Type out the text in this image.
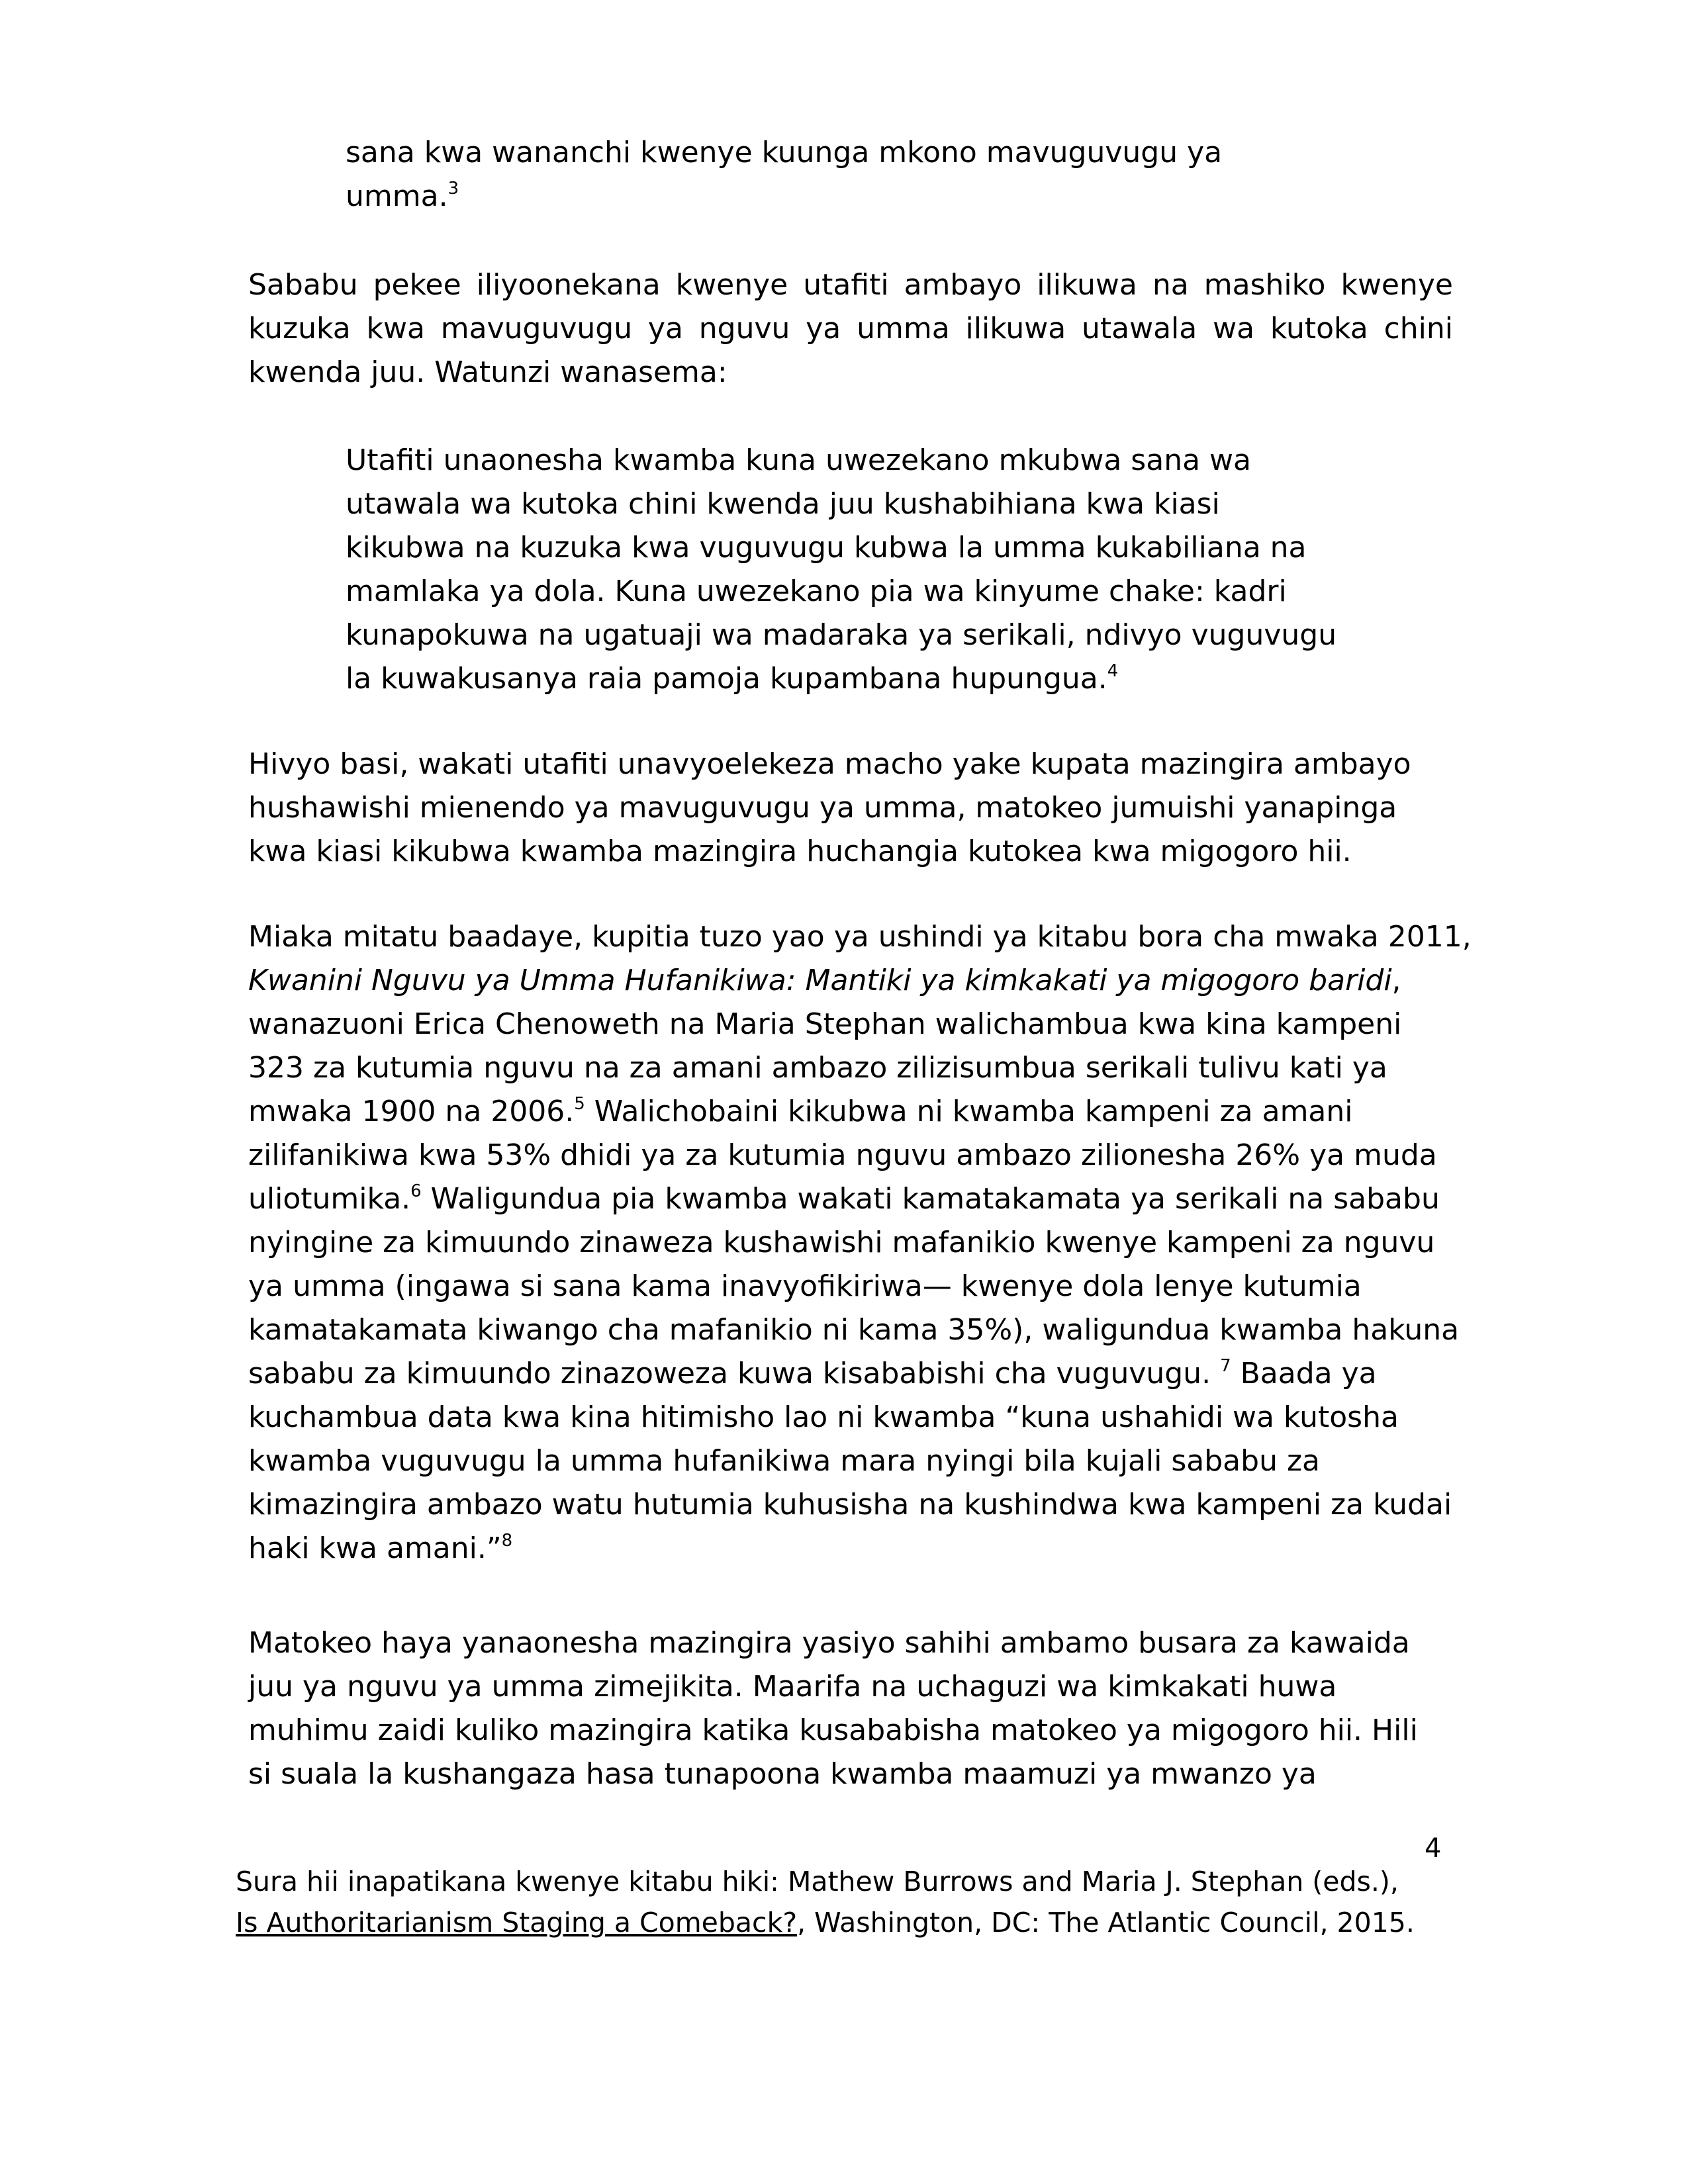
sana kwa wananchi kwenye kuunga mkono mavuguvugu ya
umma.$^3$
Sababu pekee iliyoonekana kwenye utafiti ambayo ilikuwa na mashiko kwenye
kuzuka kwa mavuguvugu ya nguvu ya umma ilikuwa utawala wa kutoka chini
kwenda juu. Watunzi wanasema:
Utafiti unaonesha kwamba kuna uwezekano mkubwa sana wa
utawala wa kutoka chini kwenda juu kushabihiana kwa kiasi
kikubwa na kuzuka kwa vuguvugu kubwa la umma kukabiliana na
mamlaka ya dola. Kuna uwezekano pia wa kinyume chake: kadri
kunapokuwa na ugatuaji wa madaraka ya serikali, ndivyo vuguvugu
la kuwakusanya raia pamoja kupambana hupungua.$^4$
Hivyo basi, wakati utafiti unavyoelekeza macho yake kupata mazingira ambayo
hushawishi mienendo ya mavuguvugu ya umma, matokeo jumuishi yanapinga
kwa kiasi kikubwa kwamba mazingira huchangia kutokea kwa migogoro hii.
Miaka mitatu baadaye, kupitia tuzo yao ya ushindi ya kitabu bora cha mwaka 2011,
Kwanini Nguvu ya Umma Hufanikiwa: Mantiki ya kimkakati ya migogoro baridi,
wanazuoni Erica Chenoweth na Maria Stephan walichambua kwa kina kampeni
323 za kutumia nguvu na za amani ambazo zilizisumbua serikali tulivu kati ya
mwaka 1900 na 2006.$^5$ Walichobaini kikubwa ni kwamba kampeni za amani
zilifanikiwa kwa 53% dhidi ya za kutumia nguvu ambazo zilionesha 26% ya muda
uliotumika.$^6$ Waligundua pia kwamba wakati kamatakamata ya serikali na sababu
nyingine za kimuundo zinaweza kushawishi mafanikio kwenye kampeni za nguvu
ya umma (ingawa si sana kama inavyofikiriwa— kwenye dola lenye kutumia
kamatakamata kiwango cha mafanikio ni kama 35%), waligundua kwamba hakuna
sababu za kimuundo zinazoweza kuwa kisababishi cha vuguvugu. $^7$ Baada ya
kuchambua data kwa kina hitimisho lao ni kwamba “kuna ushahidi wa kutosha
kwamba vuguvugu la umma hufanikiwa mara nyingi bila kujali sababu za
kimazingira ambazo watu hutumia kuhusisha na kushindwa kwa kampeni za kudai
haki kwa amani.”$^8$
Matokeo haya yanaonesha mazingira yasiyo sahihi ambamo busara za kawaida
juu ya nguvu ya umma zimejikita. Maarifa na uchaguzi wa kimkakati huwa
muhimu zaidi kuliko mazingira katika kusababisha matokeo ya migogoro hii. Hili
si suala la kushangaza hasa tunapoona kwamba maamuzi ya mwanzo ya
4
Sura hii inapatikana kwenye kitabu hiki: Mathew Burrows and Maria J. Stephan (eds.), Is Authoritarianism Staging a Comeback?, Washington, DC: The Atlantic Council, 2015.
